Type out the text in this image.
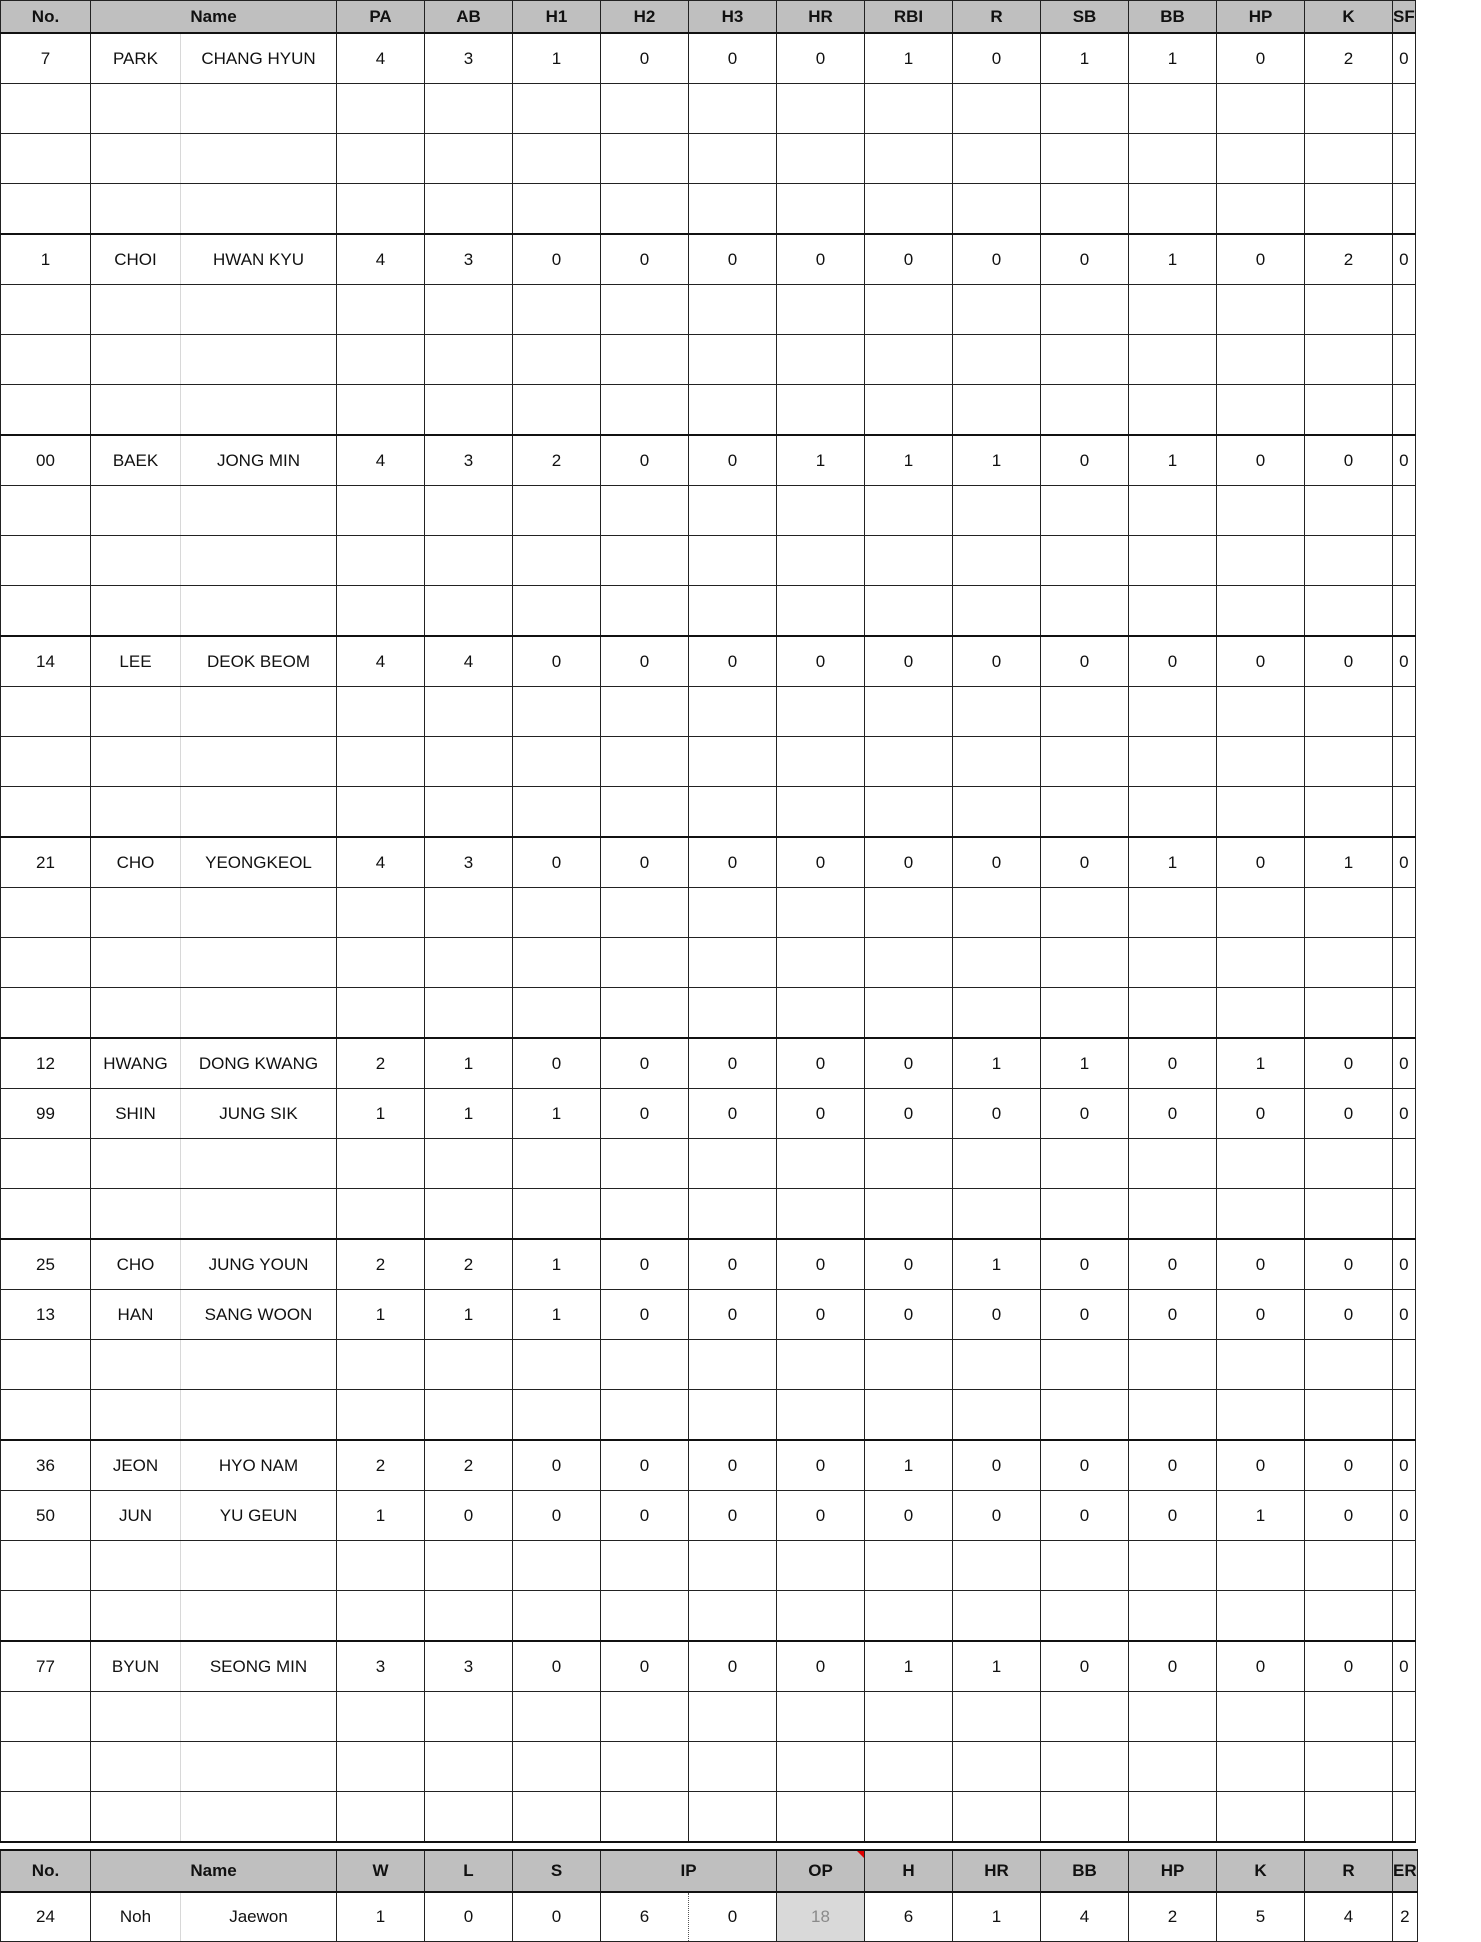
No.	Name		PA	AB	H1	H2	H3	HR	RBI	R	SB	BB	HP	K	SF
7	PARK	CHANG HYUN	4	3	1	0	0	0	1	0	1	1	0	2	0

1	CHOI	HWAN KYU	4	3	0	0	0	0	0	0	0	1	0	2	0

00	BAEK	JONG MIN	4	3	2	0	0	1	1	1	0	1	0	0	0

14	LEE	DEOK BEOM	4	4	0	0	0	0	0	0	0	0	0	0	0

21	CHO	YEONGKEOL	4	3	0	0	0	0	0	0	0	1	0	1	0

12	HWANG	DONG KWANG	2	1	0	0	0	0	0	1	1	0	1	0	0
99	SHIN	JUNG SIK	1	1	1	0	0	0	0	0	0	0	0	0	0

25	CHO	JUNG YOUN	2	2	1	0	0	0	0	1	0	0	0	0	0
13	HAN	SANG WOON	1	1	1	0	0	0	0	0	0	0	0	0	0

36	JEON	HYO NAM	2	2	0	0	0	0	1	0	0	0	0	0	0
50	JUN	YU GEUN	1	0	0	0	0	0	0	0	0	0	1	0	0

77	BYUN	SEONG MIN	3	3	0	0	0	0	1	1	0	0	0	0	0

No.	Name		W	L	S	IP		OP	H	HR	BB	HP	K	R	ER
24	Noh	Jaewon	1	0	0	6	0	18	6	1	4	2	5	4	2
